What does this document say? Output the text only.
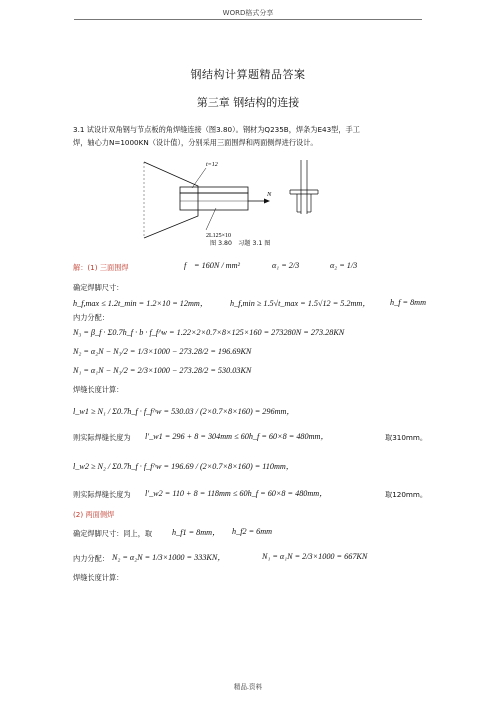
WORD格式分享
钢结构计算题精品答案
第三章 钢结构的连接
3.1 试设计双角钢与节点板的角焊缝连接（图3.80）。钢材为Q235B，焊条为E43型，手工
焊，轴心力N=1000KN（设计值），分别采用三面围焊和两面侧焊进行设计。
t=12
2L125×10
N
图 3.80　习题 3.1 图
解：(1) 三面围焊	f = 160N / mm²	α₁ = 2/3	α₂ = 1/3
确定焊脚尺寸：
h_f,max ≤ 1.2t_min = 1.2×10 = 12mm，	h_f,min ≥ 1.5√t_max = 1.5√12 = 5.2mm， h_f = 8mm
内力分配：
N₃ = β_f · Σ0.7h_f · b · f_f^w = 1.22×2×0.7×8×125×160 = 273280N = 273.28KN
N₂ = α₂N − N₃/2 = 1/3×1000 − 273.28/2 = 196.69KN
N₁ = α₁N − N₃/2 = 2/3×1000 − 273.28/2 = 530.03KN
焊缝长度计算：
l_w1 ≥ N₁ / Σ0.7h_f · f_f^w = 530.03 / (2×0.7×8×160) = 296mm，
则实际焊缝长度为 l′_w1 = 296 + 8 = 304mm ≤ 60h_f = 60×8 = 480mm，	取310mm。
l_w2 ≥ N₂ / Σ0.7h_f · f_f^w = 196.69 / (2×0.7×8×160) = 110mm，
则实际焊缝长度为 l′_w2 = 110 + 8 = 118mm ≤ 60h_f = 60×8 = 480mm，	取120mm。
(2) 两面侧焊
确定焊脚尺寸：同上，取 h_f1 = 8mm， h_f2 = 6mm
内力分配： N₂ = α₂N = 1/3×1000 = 333KN，	N₁ = α₁N = 2/3×1000 = 667KN
焊缝长度计算：
精品.资料
